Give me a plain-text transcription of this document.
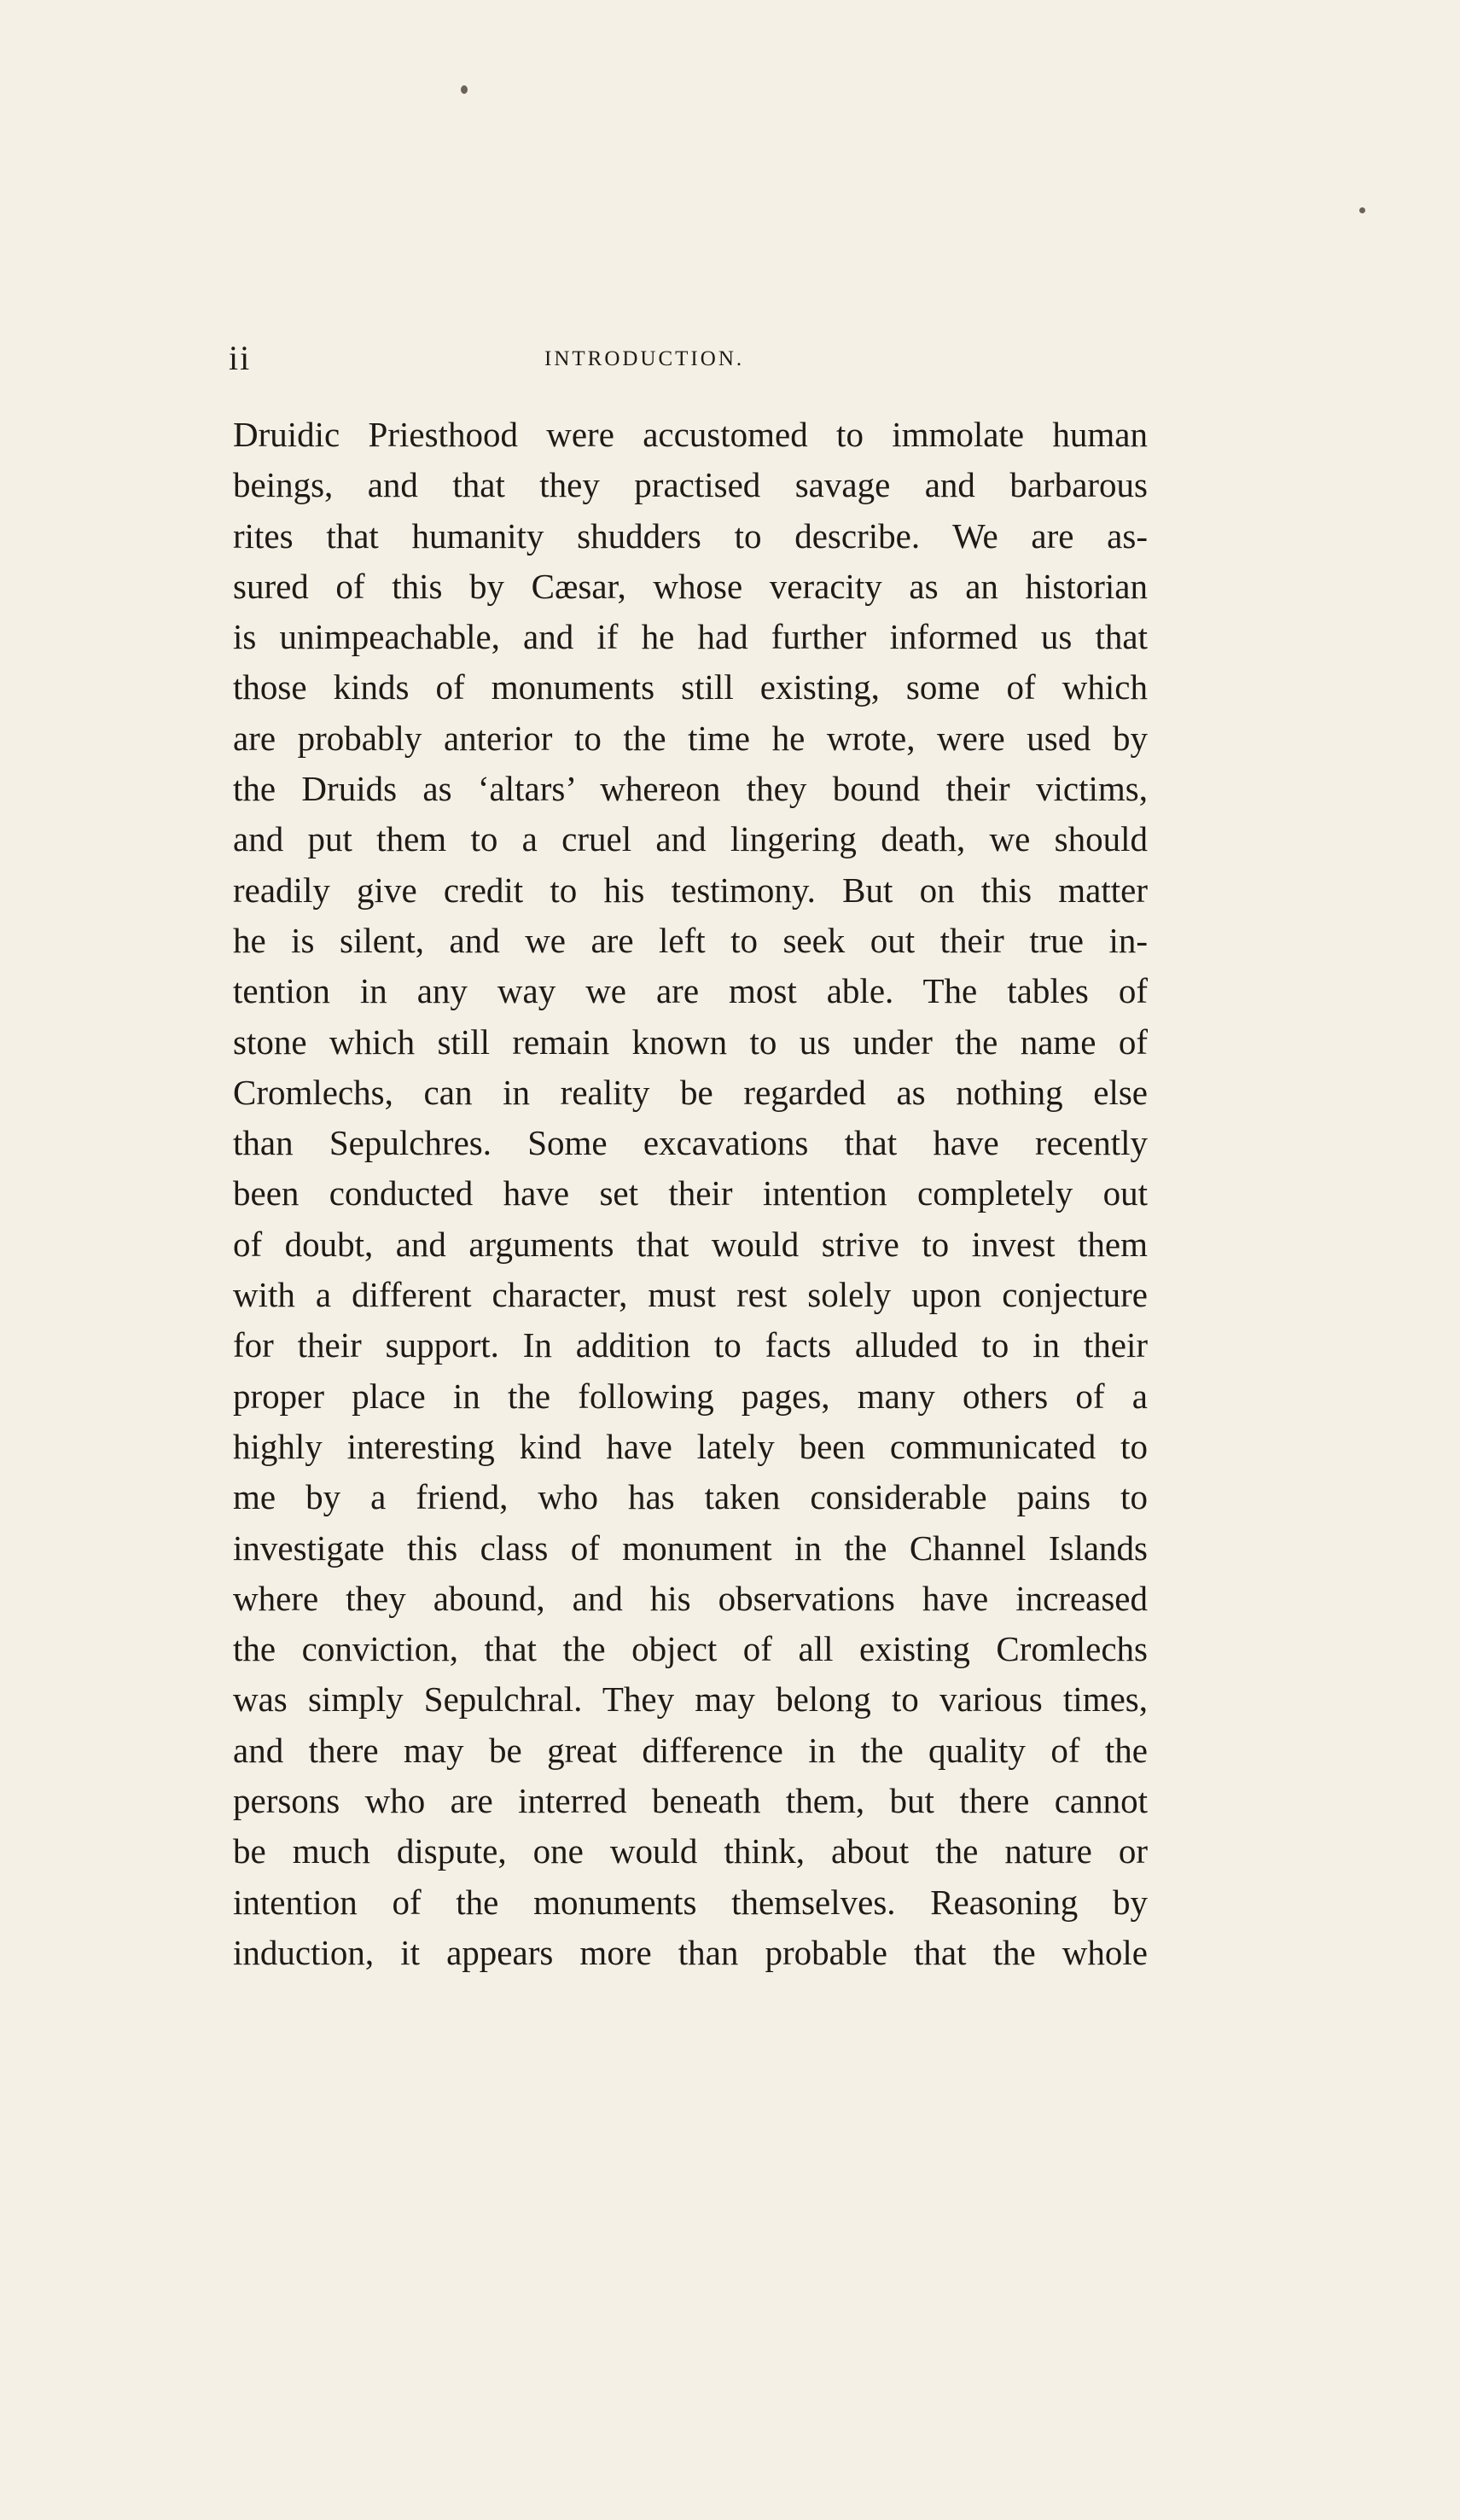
ii	INTRODUCTION.
Druidic Priesthood were accustomed to immolate human
beings, and that they practised savage and barbarous
rites that humanity shudders to describe. We are as-
sured of this by Cæsar, whose veracity as an historian
is unimpeachable, and if he had further informed us that
those kinds of monuments still existing, some of which
are probably anterior to the time he wrote, were used by
the Druids as ‘altars’ whereon they bound their victims,
and put them to a cruel and lingering death, we should
readily give credit to his testimony. But on this matter
he is silent, and we are left to seek out their true in-
tention in any way we are most able. The tables of
stone which still remain known to us under the name of
Cromlechs, can in reality be regarded as nothing else
than Sepulchres. Some excavations that have recently
been conducted have set their intention completely out
of doubt, and arguments that would strive to invest them
with a different character, must rest solely upon conjecture
for their support. In addition to facts alluded to in their
proper place in the following pages, many others of a
highly interesting kind have lately been communicated to
me by a friend, who has taken considerable pains to
investigate this class of monument in the Channel Islands
where they abound, and his observations have increased
the conviction, that the object of all existing Cromlechs
was simply Sepulchral. They may belong to various times,
and there may be great difference in the quality of the
persons who are interred beneath them, but there cannot
be much dispute, one would think, about the nature or
intention of the monuments themselves. Reasoning by
induction, it appears more than probable that the whole
